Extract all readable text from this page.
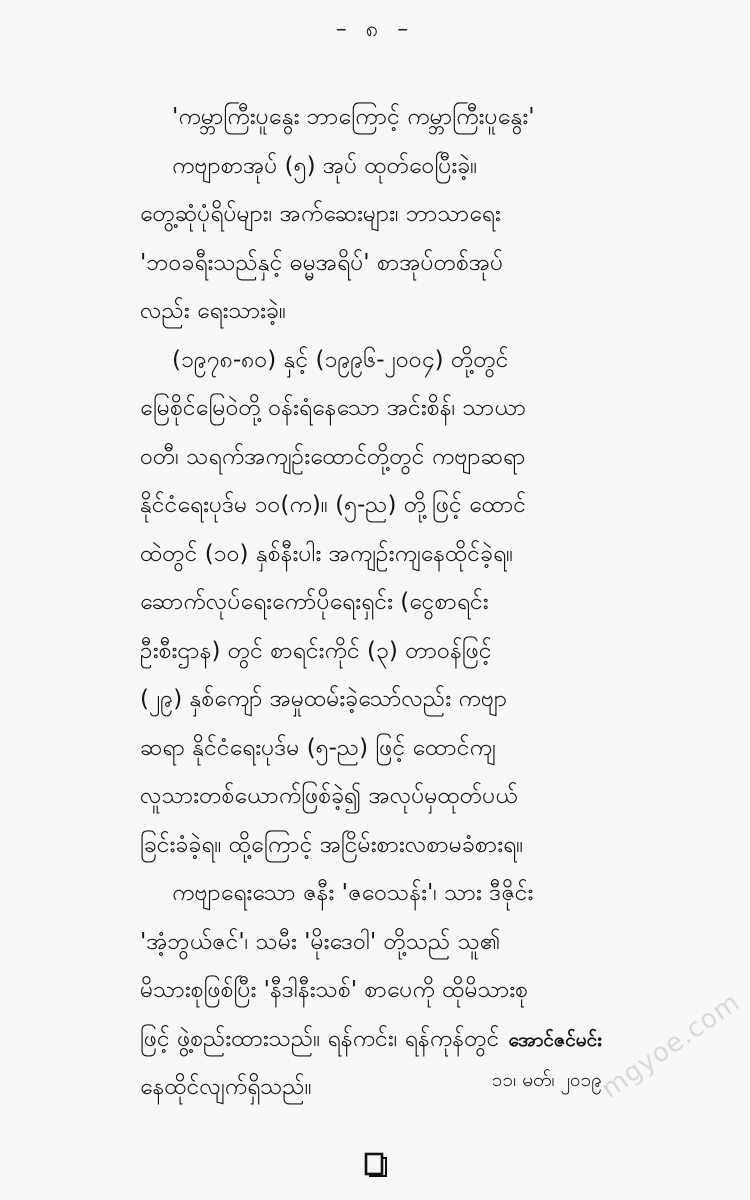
– ၈ –
'ကမ္ဘာကြီးပူနွေး ဘာကြောင့် ကမ္ဘာကြီးပူနွေး'
ကဗျာစာအုပ် (၅) အုပ် ထုတ်ဝေပြီးခဲ့။
တွေ့ဆုံပုံရိပ်များ၊ အက်ဆေးများ၊ ဘာသာရေး
'ဘဝခရီးသည်နှင့် ဓမ္မအရိပ်' စာအုပ်တစ်အုပ်
လည်း ရေးသားခဲ့။
(၁၉၇၈-၈၀) နှင့် (၁၉၉၆-၂၀၀၄) တို့တွင်
မြေစိုင်မြေဝဲတို့ ဝန်းရံနေသော အင်းစိန်၊ သာယာ
ဝတီ၊ သရက်အကျဉ်းထောင်တို့တွင် ကဗျာဆရာ
နိုင်ငံရေးပုဒ်မ ၁၀(က)။ (၅-ည) တို့ဖြင့် ထောင်
ထဲတွင် (၁၀) နှစ်နီးပါး အကျဉ်းကျနေထိုင်ခဲ့ရ။
ဆောက်လုပ်ရေးကော်ပိုရေးရှင်း (ငွေစာရင်း
ဦးစီးဌာန) တွင် စာရင်းကိုင် (၃) တာဝန်ဖြင့်
(၂၉) နှစ်ကျော် အမှုထမ်းခဲ့သော်လည်း ကဗျာ
ဆရာ နိုင်ငံရေးပုဒ်မ (၅-ည) ဖြင့် ထောင်ကျ
လူသားတစ်ယောက်ဖြစ်ခဲ့၍ အလုပ်မှထုတ်ပယ်
ခြင်းခံခဲ့ရ။ ထို့ကြောင့် အငြိမ်းစားလစာမခံစားရ။
ကဗျာရေးသော ဇနီး 'ဇဝေသန်း'၊ သား ဒီဇိုင်း
'အံ့ဘွယ်ဇင်'၊ သမီး 'မိုးဒေဝါ' တို့သည် သူ၏
မိသားစုဖြစ်ပြီး 'နီဒါနီးသစ်' စာပေကို ထိုမိသားစု
ဖြင့် ဖွဲ့စည်းထားသည်။ ရန်ကင်း၊ ရန်ကုန်တွင်
နေထိုင်လျက်ရှိသည်။
အောင်ဇင်မင်း
၁၁၊ မတ်၊ ၂၀၁၉
mgyoe.com
